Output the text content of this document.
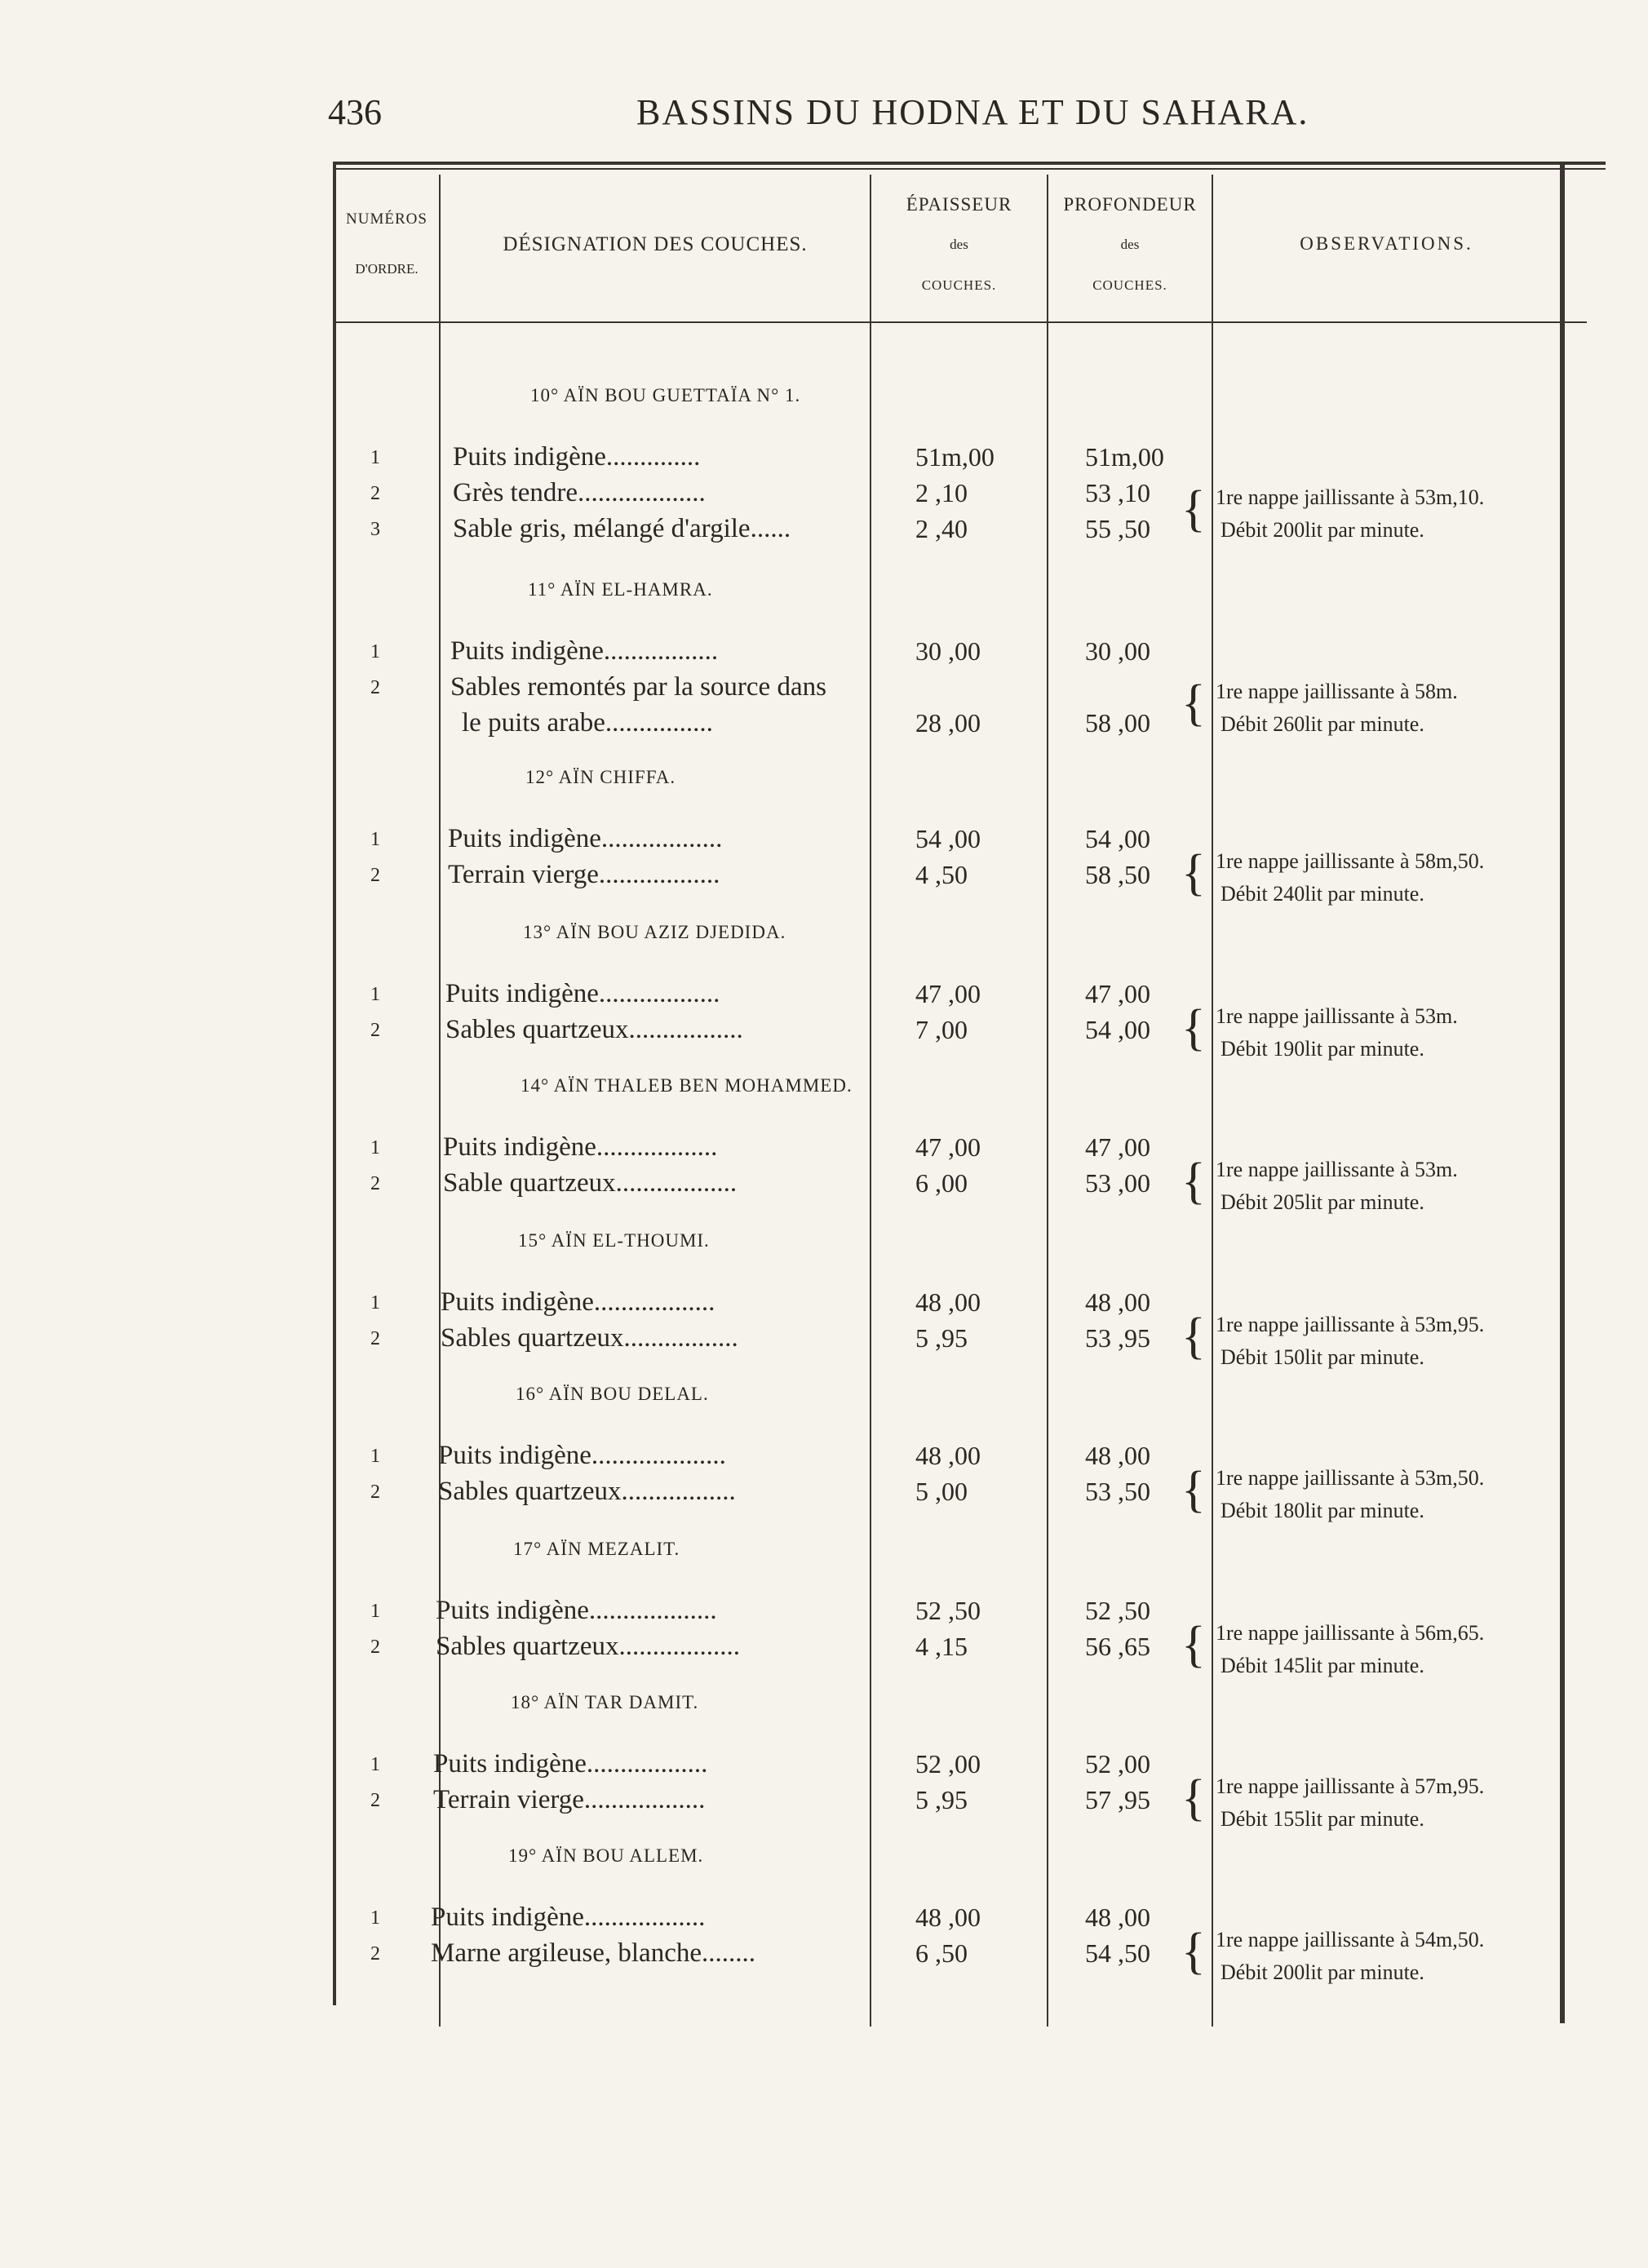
436	BASSINS DU HODNA ET DU SAHARA.
NUMÉROS
D'ORDRE.
DÉSIGNATION DES COUCHES.
ÉPAISSEUR
des
COUCHES.
PROFONDEUR
des
COUCHES.
OBSERVATIONS.
10° AÏN BOU GUETTAÏA N° 1.
1	Puits indigène..............	51m,00	51m,00
2	Grès tendre...................	2 ,10	53 ,10
3	Sable gris, mélangé d'argile......	2 ,40	55 ,50 { 1re nappe jaillissante à 53m,10.
Débit 200lit par minute.
11° AÏN EL-HAMRA.
1	Puits indigène.................	30 ,00	30 ,00
2	Sables remontés par la source dans
le puits arabe................	28 ,00	58 ,00 { 1re nappe jaillissante à 58m.
Débit 260lit par minute.
12° AÏN CHIFFA.
1	Puits indigène..................	54 ,00	54 ,00
2	Terrain vierge..................	4 ,50	58 ,50 { 1re nappe jaillissante à 58m,50.
Débit 240lit par minute.
13° AÏN BOU AZIZ DJEDIDA.
1	Puits indigène..................	47 ,00	47 ,00
2	Sables quartzeux.................	7 ,00	54 ,00 { 1re nappe jaillissante à 53m.
Débit 190lit par minute.
14° AÏN THALEB BEN MOHAMMED.
1	Puits indigène..................	47 ,00	47 ,00
2	Sable quartzeux..................	6 ,00	53 ,00 { 1re nappe jaillissante à 53m.
Débit 205lit par minute.
15° AÏN EL-THOUMI.
1	Puits indigène..................	48 ,00	48 ,00
2	Sables quartzeux.................	5 ,95	53 ,95 { 1re nappe jaillissante à 53m,95.
Débit 150lit par minute.
16° AÏN BOU DELAL.
1	Puits indigène....................	48 ,00	48 ,00
2	Sables quartzeux.................	5 ,00	53 ,50 { 1re nappe jaillissante à 53m,50.
Débit 180lit par minute.
17° AÏN MEZALIT.
1	Puits indigène...................	52 ,50	52 ,50
2	Sables quartzeux..................	4 ,15	56 ,65 { 1re nappe jaillissante à 56m,65.
Débit 145lit par minute.
18° AÏN TAR DAMIT.
1	Puits indigène..................	52 ,00	52 ,00
2	Terrain vierge..................	5 ,95	57 ,95 { 1re nappe jaillissante à 57m,95.
Débit 155lit par minute.
19° AÏN BOU ALLEM.
1	Puits indigène..................	48 ,00	48 ,00
2	Marne argileuse, blanche........	6 ,50	54 ,50 { 1re nappe jaillissante à 54m,50.
Débit 200lit par minute.
